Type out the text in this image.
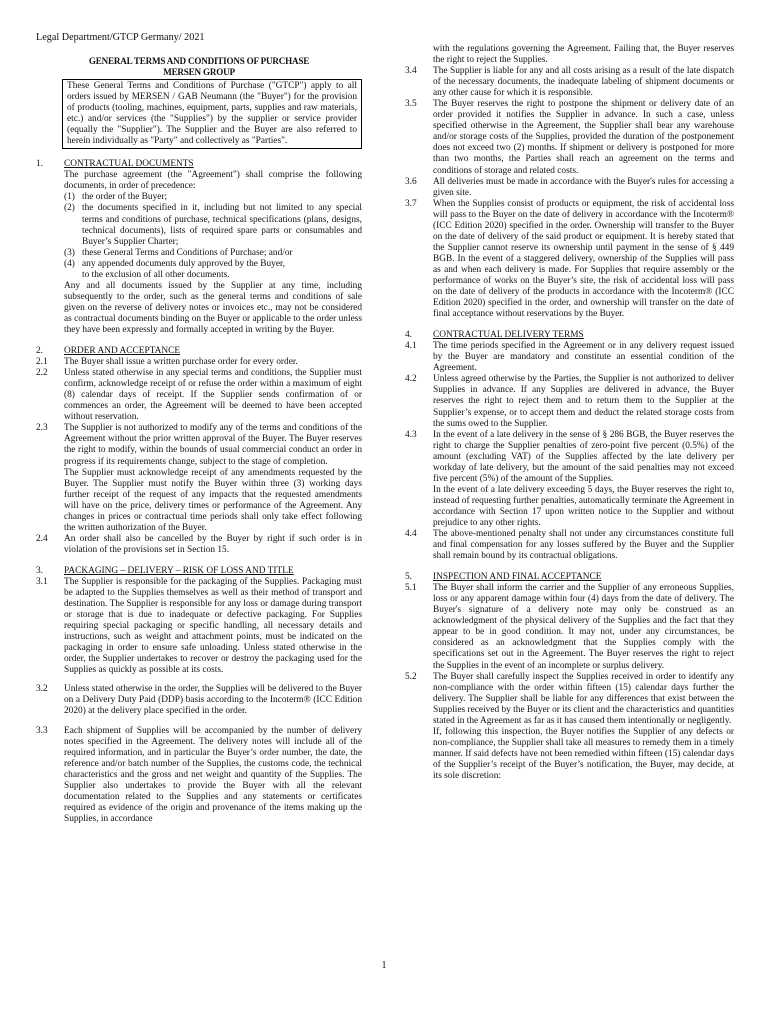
Legal Department/GTCP Germany/ 2021
GENERAL TERMS AND CONDITIONS OF PURCHASE
MERSEN GROUP
These General Terms and Conditions of Purchase ("GTCP") apply to all orders issued by MERSEN / GAB Neumann (the "Buyer") for the provision of products (tooling, machines, equipment, parts, supplies and raw materials, etc.) and/or services (the "Supplies") by the supplier or service provider (equally the "Supplier"). The Supplier and the Buyer are also referred to herein individually as "Party" and collectively as "Parties".
1.	CONTRACTUAL DOCUMENTS
The purchase agreement (the "Agreement") shall comprise the following documents, in order of precedence:
(1) the order of the Buyer;
(2) the documents specified in it, including but not limited to any special terms and conditions of purchase, technical specifications (plans, designs, technical documents), lists of required spare parts or consumables and Buyer’s Supplier Charter;
(3) these General Terms and Conditions of Purchase; and/or
(4) any appended documents duly approved by the Buyer,
to the exclusion of all other documents.
Any and all documents issued by the Supplier at any time, including subsequently to the order, such as the general terms and conditions of sale given on the reverse of delivery notes or invoices etc., may not be considered as contractual documents binding on the Buyer or applicable to the order unless they have been expressly and formally accepted in writing by the Buyer.
2.	ORDER AND ACCEPTANCE
2.1	The Buyer shall issue a written purchase order for every order.
2.2	Unless stated otherwise in any special terms and conditions, the Supplier must confirm, acknowledge receipt of or refuse the order within a maximum of eight (8) calendar days of receipt. If the Supplier sends confirmation of or commences an order, the Agreement will be deemed to have been accepted without reservation.
2.3	The Supplier is not authorized to modify any of the terms and conditions of the Agreement without the prior written approval of the Buyer. The Buyer reserves the right to modify, within the bounds of usual commercial conduct an order in progress if its requirements change, subject to the stage of completion.
The Supplier must acknowledge receipt of any amendments requested by the Buyer. The Supplier must notify the Buyer within three (3) working days further receipt of the request of any impacts that the requested amendments will have on the price, delivery times or performance of the Agreement. Any changes in prices or contractual time periods shall only take effect following the written authorization of the Buyer.
2.4	An order shall also be cancelled by the Buyer by right if such order is in violation of the provisions set in Section 15.
3.	PACKAGING – DELIVERY – RISK OF LOSS AND TITLE
3.1	The Supplier is responsible for the packaging of the Supplies. Packaging must be adapted to the Supplies themselves as well as their method of transport and destination. The Supplier is responsible for any loss or damage during transport or storage that is due to inadequate or defective packaging. For Supplies requiring special packaging or specific handling, all necessary details and instructions, such as weight and attachment points, must be indicated on the packaging in order to ensure safe unloading. Unless stated otherwise in the order, the Supplier undertakes to recover or destroy the packaging used for the Supplies as quickly as possible at its costs.
3.2	Unless stated otherwise in the order, the Supplies will be delivered to the Buyer on a Delivery Duty Paid (DDP) basis according to the Incoterm® (ICC Edition 2020) at the delivery place specified in the order.
3.3	Each shipment of Supplies will be accompanied by the number of delivery notes specified in the Agreement. The delivery notes will include all of the required information, and in particular the Buyer’s order number, the date, the reference and/or batch number of the Supplies, the customs code, the technical characteristics and the gross and net weight and quantity of the Supplies. The Supplier also undertakes to provide the Buyer with all the relevant documentation related to the Supplies and any statements or certificates required as evidence of the origin and provenance of the items making up the Supplies, in accordance
with the regulations governing the Agreement. Failing that, the Buyer reserves the right to reject the Supplies.
3.4	The Supplier is liable for any and all costs arising as a result of the late dispatch of the necessary documents, the inadequate labeling of shipment documents or any other cause for which it is responsible.
3.5	The Buyer reserves the right to postpone the shipment or delivery date of an order provided it notifies the Supplier in advance. In such a case, unless specified otherwise in the Agreement, the Supplier shall bear any warehouse and/or storage costs of the Supplies, provided the duration of the postponement does not exceed two (2) months. If shipment or delivery is postponed for more than two months, the Parties shall reach an agreement on the terms and conditions of storage and related costs.
3.6	All deliveries must be made in accordance with the Buyer's rules for accessing a given site.
3.7	When the Supplies consist of products or equipment, the risk of accidental loss will pass to the Buyer on the date of delivery in accordance with the Incoterm® (ICC Edition 2020) specified in the order. Ownership will transfer to the Buyer on the date of delivery of the said product or equipment. It is hereby stated that the Supplier cannot reserve its ownership until payment in the sense of § 449 BGB. In the event of a staggered delivery, ownership of the Supplies will pass as and when each delivery is made. For Supplies that require assembly or the performance of works on the Buyer’s site, the risk of accidental loss will pass on the date of delivery of the products in accordance with the Incoterm® (ICC Edition 2020) specified in the order, and ownership will transfer on the date of final acceptance without reservations by the Buyer.
4.	CONTRACTUAL DELIVERY TERMS
4.1	The time periods specified in the Agreement or in any delivery request issued by the Buyer are mandatory and constitute an essential condition of the Agreement.
4.2	Unless agreed otherwise by the Parties, the Supplier is not authorized to deliver Supplies in advance. If any Supplies are delivered in advance, the Buyer reserves the right to reject them and to return them to the Supplier at the Supplier’s expense, or to accept them and deduct the related storage costs from the sums owed to the Supplier.
4.3	In the event of a late delivery in the sense of § 286 BGB, the Buyer reserves the right to charge the Supplier penalties of zero-point five percent (0.5%) of the amount (excluding VAT) of the Supplies affected by the late delivery per workday of late delivery, but the amount of the said penalties may not exceed five percent (5%) of the amount of the Supplies.
In the event of a late delivery exceeding 5 days, the Buyer reserves the right to, instead of requesting further penalties, automatically terminate the Agreement in accordance with Section 17 upon written notice to the Supplier and without prejudice to any other rights.
4.4	The above-mentioned penalty shall not under any circumstances constitute full and final compensation for any losses suffered by the Buyer and the Supplier shall remain bound by its contractual obligations.
5.	INSPECTION AND FINAL ACCEPTANCE
5.1	The Buyer shall inform the carrier and the Supplier of any erroneous Supplies, loss or any apparent damage within four (4) days from the date of delivery. The Buyer's signature of a delivery note may only be construed as an acknowledgment of the physical delivery of the Supplies and the fact that they appear to be in good condition. It may not, under any circumstances, be considered as an acknowledgment that the Supplies comply with the specifications set out in the Agreement. The Buyer reserves the right to reject the Supplies in the event of an incomplete or surplus delivery.
5.2	The Buyer shall carefully inspect the Supplies received in order to identify any non-compliance with the order within fifteen (15) calendar days further the delivery. The Supplier shall be liable for any differences that exist between the Supplies received by the Buyer or its client and the characteristics and quantities stated in the Agreement as far as it has caused them intentionally or negligently.
If, following this inspection, the Buyer notifies the Supplier of any defects or non-compliance, the Supplier shall take all measures to remedy them in a timely manner. If said defects have not been remedied within fifteen (15) calendar days of the Supplier’s receipt of the Buyer’s notification, the Buyer, may decide, at its sole discretion:
1
